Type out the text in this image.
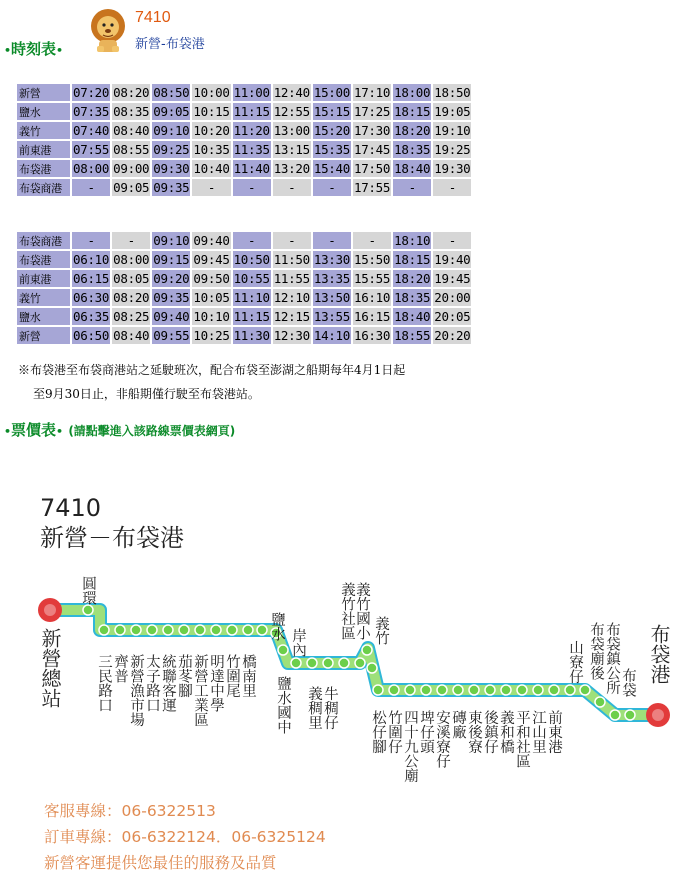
•時刻表•
7410
新營-布袋港
新營	07:20	08:20	08:50	10:00	11:00	12:40	15:00	17:10	18:00	18:50
鹽水	07:35	08:35	09:05	10:15	11:15	12:55	15:15	17:25	18:15	19:05
義竹	07:40	08:40	09:10	10:20	11:20	13:00	15:20	17:30	18:20	19:10
前東港	07:55	08:55	09:25	10:35	11:35	13:15	15:35	17:45	18:35	19:25
布袋港	08:00	09:00	09:30	10:40	11:40	13:20	15:40	17:50	18:40	19:30
布袋商港	-	09:05	09:35	-	-	-	-	17:55	-	-
布袋商港	-	-	09:10	09:40	-	-	-	-	18:10	-
布袋港	06:10	08:00	09:15	09:45	10:50	11:50	13:30	15:50	18:15	19:40
前東港	06:15	08:05	09:20	09:50	10:55	11:55	13:35	15:55	18:20	19:45
義竹	06:30	08:20	09:35	10:05	11:10	12:10	13:50	16:10	18:35	20:00
鹽水	06:35	08:25	09:40	10:10	11:15	12:15	13:55	16:15	18:40	20:05
新營	06:50	08:40	09:55	10:25	11:30	12:30	14:10	16:30	18:55	20:20
※布袋港至布袋商港站之延駛班次，配合布袋至澎湖之船期每年4月1日起
至9月30日止，非船期僅行駛至布袋港站。
•票價表• (請點擊進入該路線票價表網頁)
7410
新營－布袋港
圓環
三民路口 齊普 新營漁市場 太子路口 統聯客運 茄苳腳 新營工業區 明達中學 竹圍尾 橋南里
鹽水
鹽水國中
岸內
義稠里 牛稠仔
義竹社區 義竹國小 義竹
松仔腳 竹圍仔 四十九公廟 埤仔頭 安溪寮仔 磚廠 東後寮 後鎮仔 義和橋 平和社區 江山里 前東港
山寮仔 布袋廟後 布袋鎮公所 布袋
新營總站	布袋港
客服專線：06-6322513
訂車專線：06-6322124．06-6325124
新營客運提供您最佳的服務及品質
